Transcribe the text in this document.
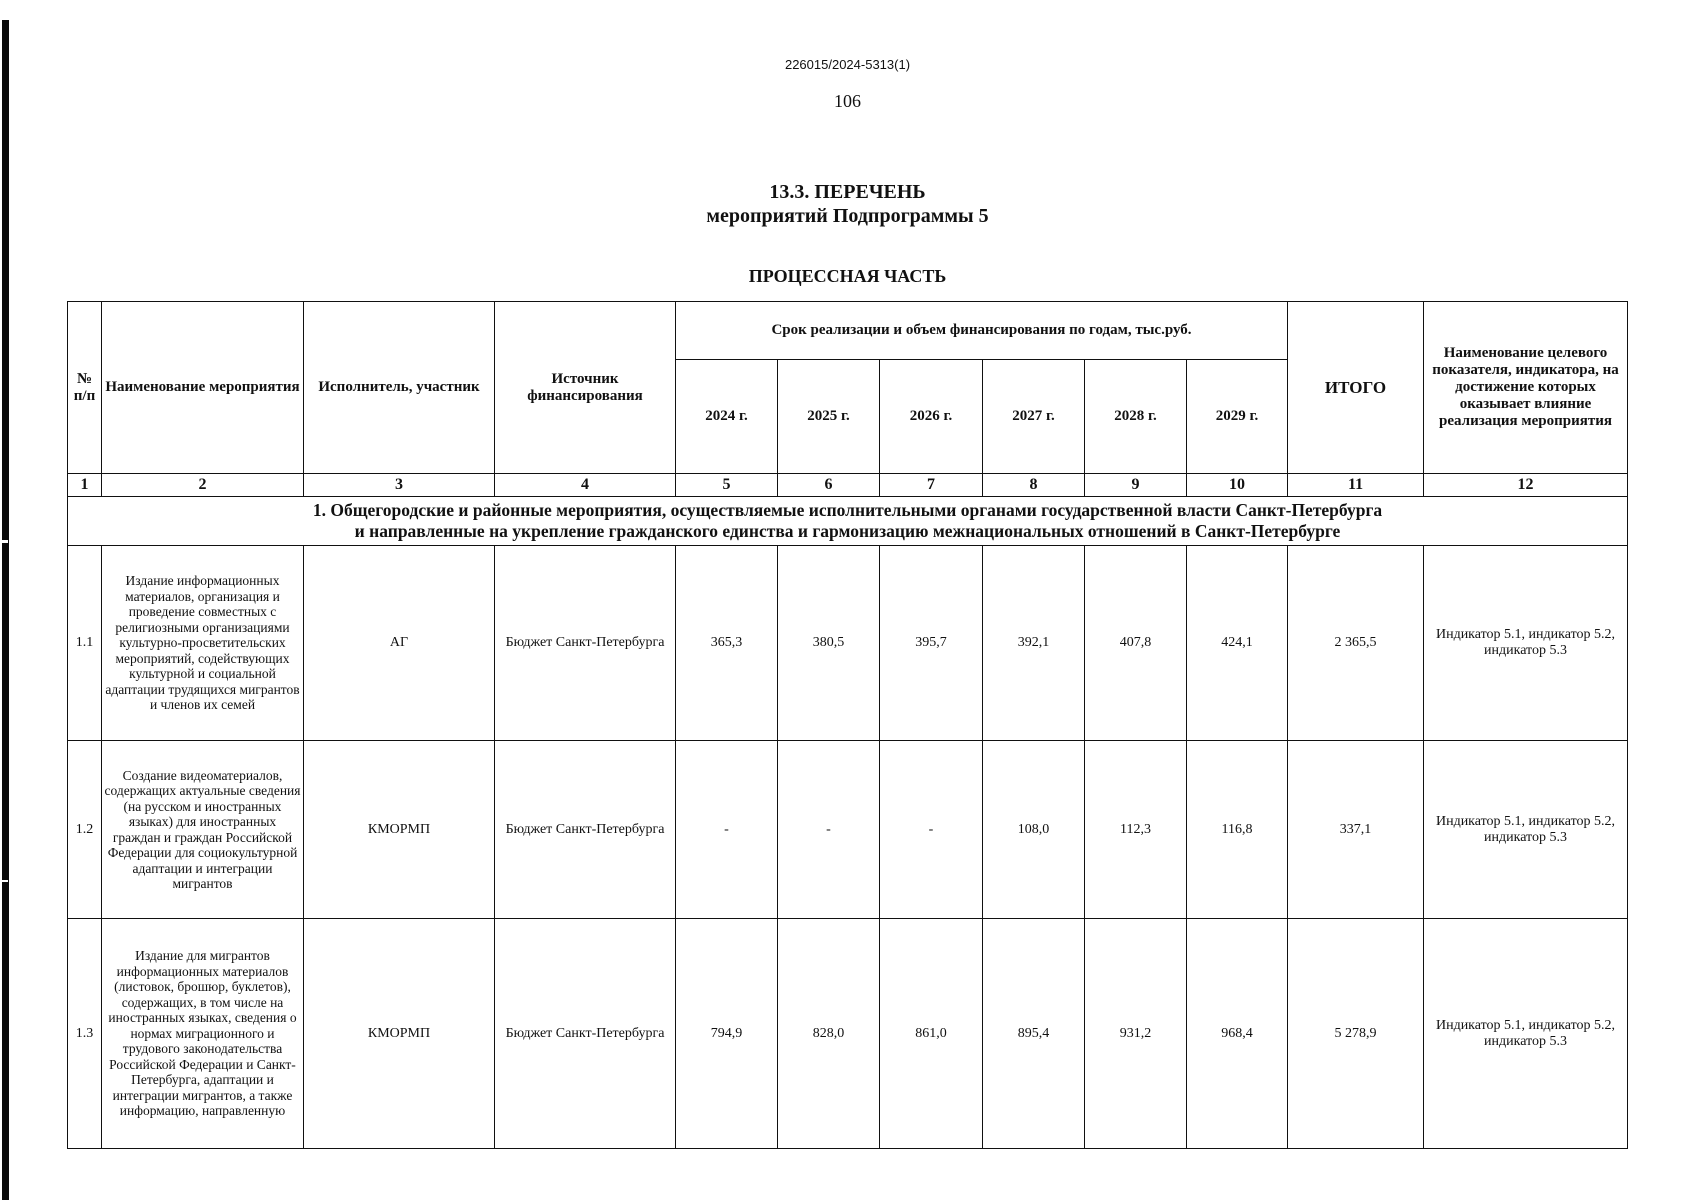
226015/2024-5313(1)
106
13.3. ПЕРЕЧЕНЬ
мероприятий Подпрограммы 5
ПРОЦЕССНАЯ ЧАСТЬ
№ п/п	Наименование мероприятия	Исполнитель, участник	Источник финансирования	Срок реализации и объем финансирования по годам, тыс.руб.						ИТОГО	Наименование целевого показателя, индикатора, на достижение которых оказывает влияние реализация мероприятия
				2024 г.	2025 г.	2026 г.	2027 г.	2028 г.	2029 г.		
1	2	3	4	5	6	7	8	9	10	11	12

1. Общегородские и районные мероприятия, осуществляемые исполнительными органами государственной власти Санкт-Петербурга
и направленные на укрепление гражданского единства и гармонизацию межнациональных отношений в Санкт-Петербурге											

1.1	Издание информационных материалов, организация и проведение совместных с религиозными организациями культурно-просветительских мероприятий, содействующих культурной и социальной адаптации трудящихся мигрантов и членов их семей	АГ	Бюджет Санкт-Петербурга	365,3	380,5	395,7	392,1	407,8	424,1	2 365,5	Индикатор 5.1, индикатор 5.2, индикатор 5.3
1.2	Создание видеоматериалов, содержащих актуальные сведения (на русском и иностранных языках) для иностранных граждан и граждан Российской Федерации для социокультурной адаптации и интеграции мигрантов	КМОРМП	Бюджет Санкт-Петербурга	-	-	-	108,0	112,3	116,8	337,1	Индикатор 5.1, индикатор 5.2, индикатор 5.3
1.3	Издание для мигрантов информационных материалов (листовок, брошюр, буклетов), содержащих, в том числе на иностранных языках, сведения о нормах миграционного и трудового законодательства Российской Федерации и Санкт-Петербурга, адаптации и интеграции мигрантов, а также информацию, направленную	КМОРМП	Бюджет Санкт-Петербурга	794,9	828,0	861,0	895,4	931,2	968,4	5 278,9	Индикатор 5.1, индикатор 5.2, индикатор 5.3
